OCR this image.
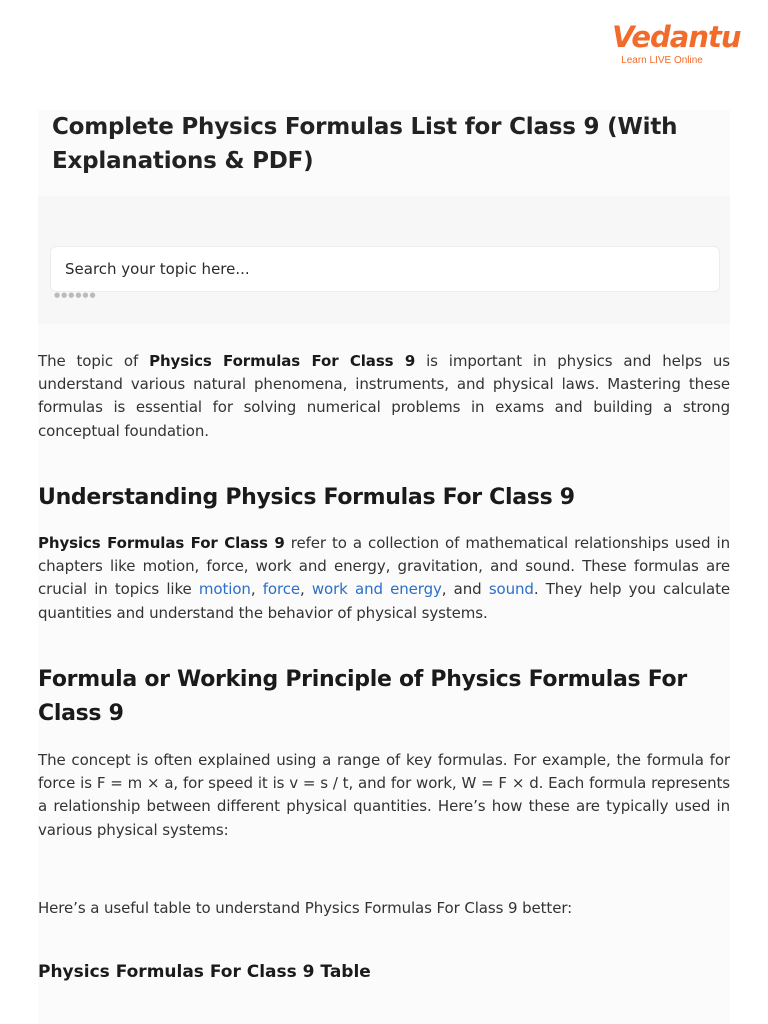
Vedantu
Learn LIVE Online
Complete Physics Formulas List for Class 9 (With Explanations & PDF)
Search your topic here...
●●●●●●

The topic of Physics Formulas For Class 9 is important in physics and helps us understand various natural phenomena, instruments, and physical laws. Mastering these formulas is essential for solving numerical problems in exams and building a strong conceptual foundation.

Understanding Physics Formulas For Class 9

Physics Formulas For Class 9 refer to a collection of mathematical relationships used in chapters like motion, force, work and energy, gravitation, and sound. These formulas are crucial in topics like motion, force, work and energy, and sound. They help you calculate quantities and understand the behavior of physical systems.

Formula or Working Principle of Physics Formulas For Class 9

The concept is often explained using a range of key formulas. For example, the formula for force is F = m × a, for speed it is v = s / t, and for work, W = F × d. Each formula represents a relationship between different physical quantities. Here’s how these are typically used in various physical systems:

Here’s a useful table to understand Physics Formulas For Class 9 better:

Physics Formulas For Class 9 Table
